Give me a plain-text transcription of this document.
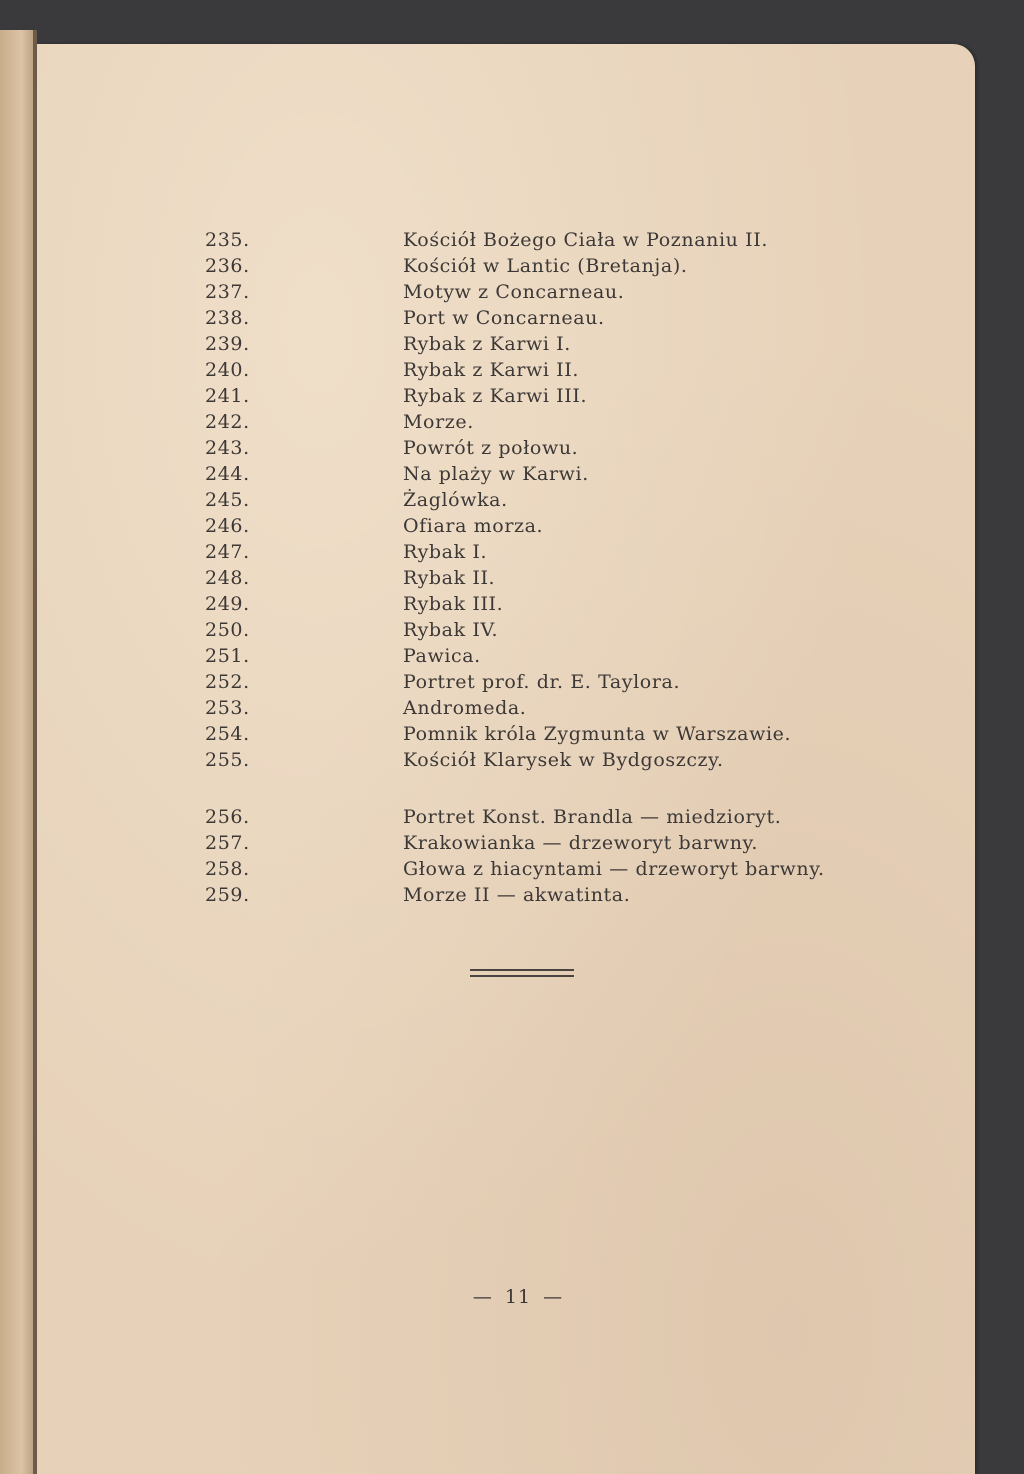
235.	Kościół Bożego Ciała w Poznaniu II.
236.	Kościół w Lantic (Bretanja).
237.	Motyw z Concarneau.
238.	Port w Concarneau.
239.	Rybak z Karwi I.
240.	Rybak z Karwi II.
241.	Rybak z Karwi III.
242.	Morze.
243.	Powrót z połowu.
244.	Na plaży w Karwi.
245.	Żaglówka.
246.	Ofiara morza.
247.	Rybak I.
248.	Rybak II.
249.	Rybak III.
250.	Rybak IV.
251.	Pawica.
252.	Portret prof. dr. E. Taylora.
253.	Andromeda.
254.	Pomnik króla Zygmunta w Warszawie.
255.	Kościół Klarysek w Bydgoszczy.
256.	Portret Konst. Brandla — miedzioryt.
257.	Krakowianka — drzeworyt barwny.
258.	Głowa z hiacyntami — drzeworyt barwny.
259.	Morze II — akwatinta.
— 11 —
